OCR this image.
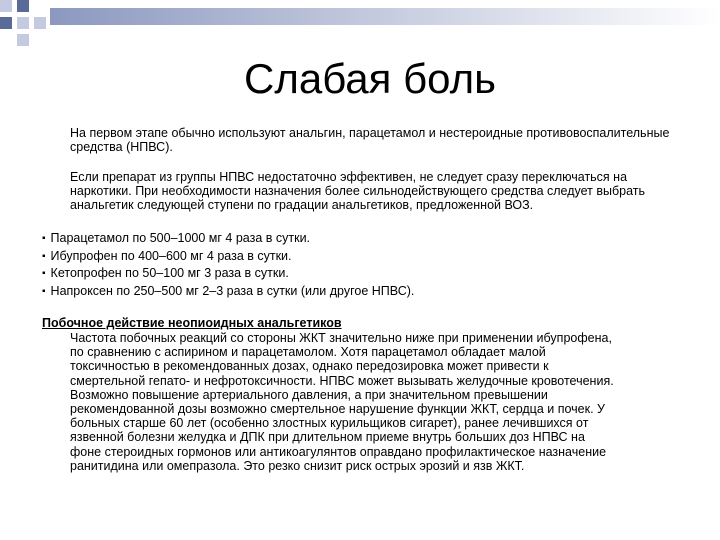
Слабая боль

На первом этапе обычно используют анальгин, парацетамол и нестероидные противовоспалительные средства (НПВС).

Если препарат из группы НПВС недостаточно эффективен, не следует сразу переключаться на наркотики. При необходимости назначения более сильнодействующего средства следует выбрать анальгетик следующей ступени по градации анальгетиков, предложенной ВОЗ.

▪ Парацетамол по 500–1000 мг 4 раза в сутки.
▪ Ибупрофен по 400–600 мг 4 раза в сутки.
▪ Кетопрофен по 50–100 мг 3 раза в сутки.
▪ Напроксен по 250–500 мг 2–3 раза в сутки (или другое НПВС).
Побочное действие неопиоидных анальгетиков

Частота побочных реакций со стороны ЖКТ значительно ниже при применении ибупрофена,
по сравнению с аспирином и парацетамолом. Хотя парацетамол обладает малой
токсичностью в рекомендованных дозах, однако передозировка может привести к
смертельной гепато- и нефротоксичности. НПВС может вызывать желудочные кровотечения.
Возможно повышение артериального давления, а при значительном превышении
рекомендованной дозы возможно смертельное нарушение функции ЖКТ, сердца и почек. У
больных старше 60 лет (особенно злостных курильщиков сигарет), ранее лечившихся от
язвенной болезни желудка и ДПК при длительном приеме внутрь больших доз НПВС на
фоне стероидных гормонов или антикоагулянтов оправдано профилактическое назначение
ранитидина или омепразола. Это резко снизит риск острых эрозий и язв ЖКТ.
